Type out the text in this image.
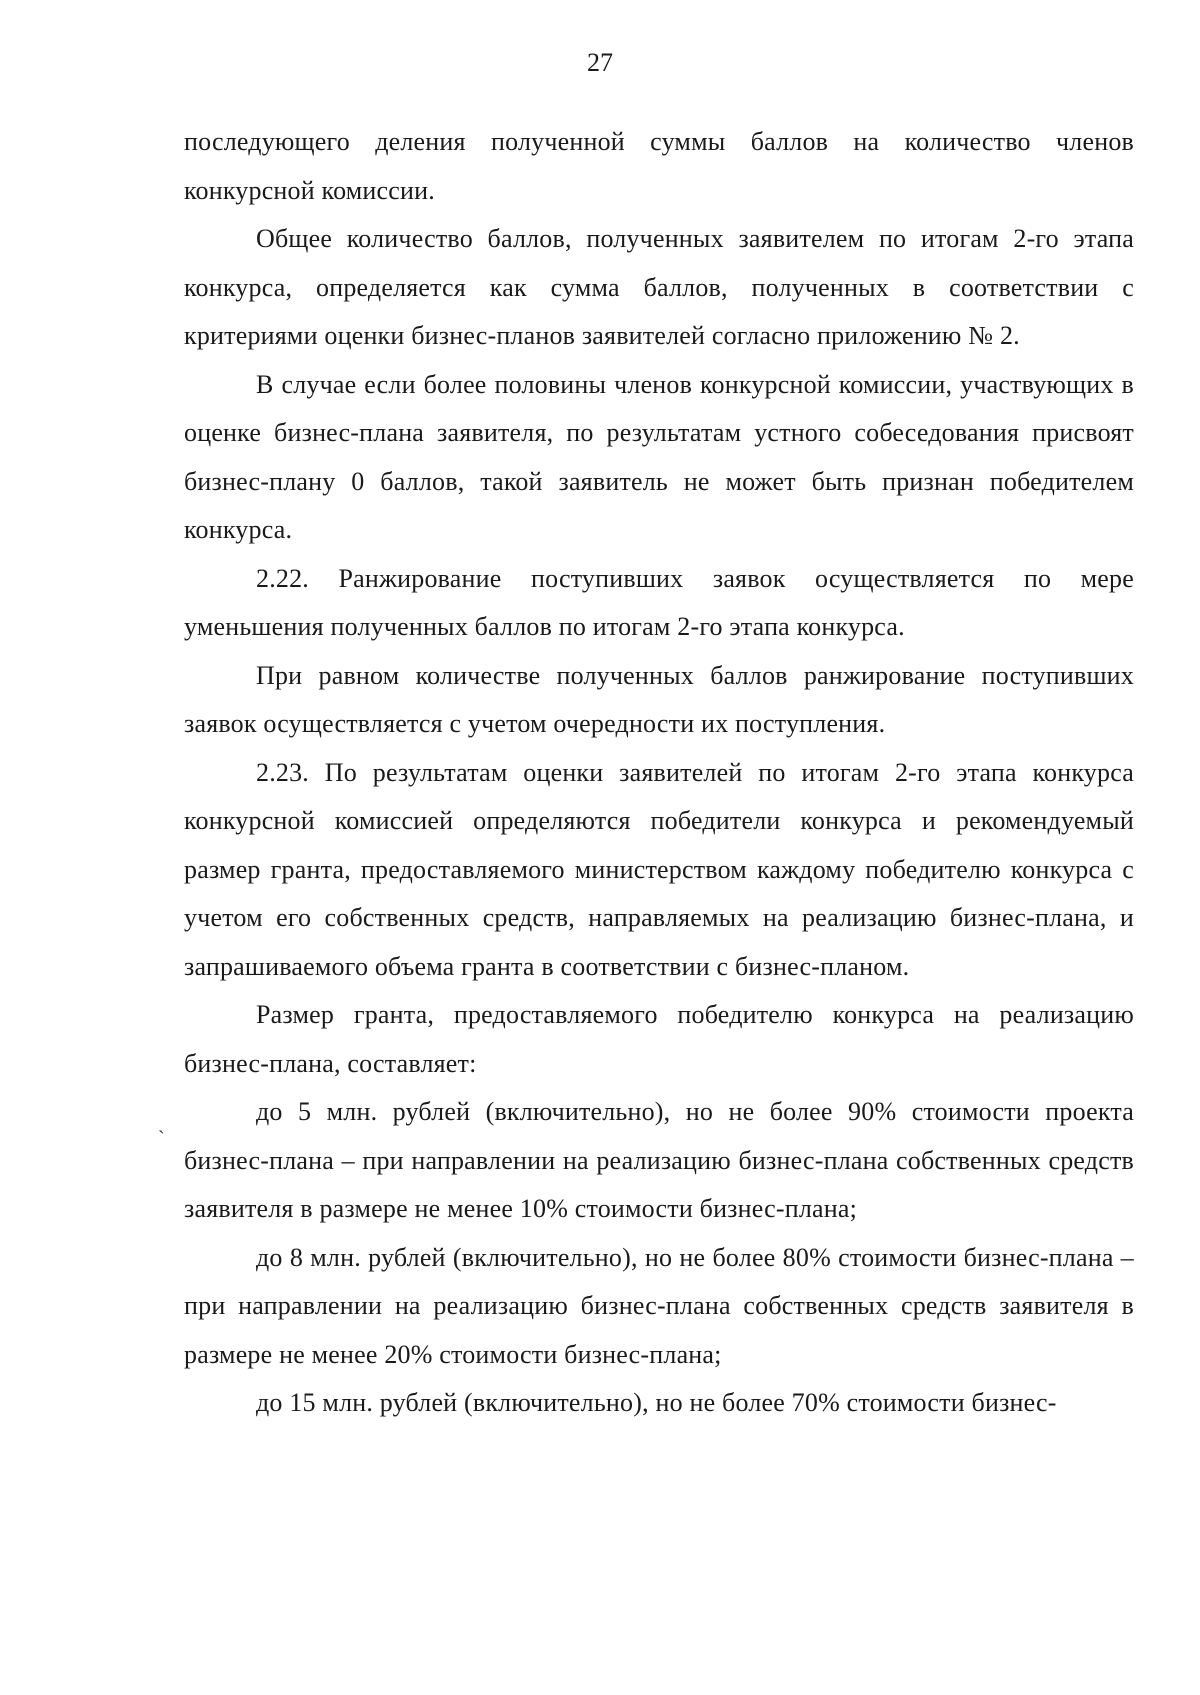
27

последующего деления полученной суммы баллов на количество членов конкурсной комиссии.

Общее количество баллов, полученных заявителем по итогам 2-го этапа конкурса, определяется как сумма баллов, полученных в соответствии с критериями оценки бизнес-планов заявителей согласно приложению № 2.

В случае если более половины членов конкурсной комиссии, участвующих в оценке бизнес-плана заявителя, по результатам устного собеседования присвоят бизнес-плану 0 баллов, такой заявитель не может быть признан победителем конкурса.

2.22. Ранжирование поступивших заявок осуществляется по мере уменьшения полученных баллов по итогам 2-го этапа конкурса.

При равном количестве полученных баллов ранжирование поступивших заявок осуществляется с учетом очередности их поступления.

2.23. По результатам оценки заявителей по итогам 2-го этапа конкурса конкурсной комиссией определяются победители конкурса и рекомендуемый размер гранта, предоставляемого министерством каждому победителю конкурса с учетом его собственных средств, направляемых на реализацию бизнес-плана, и запрашиваемого объема гранта в соответствии с бизнес-планом.

Размер гранта, предоставляемого победителю конкурса на реализацию бизнес-плана, составляет:

до 5 млн. рублей (включительно), но не более 90% стоимости проекта бизнес-плана – при направлении на реализацию бизнес-плана собственных средств заявителя в размере не менее 10% стоимости бизнес-плана;

до 8 млн. рублей (включительно), но не более 80% стоимости бизнес-плана – при направлении на реализацию бизнес-плана собственных средств заявителя в размере не менее 20% стоимости бизнес-плана;

до 15 млн. рублей (включительно), но не более 70% стоимости бизнес-

ˏ
